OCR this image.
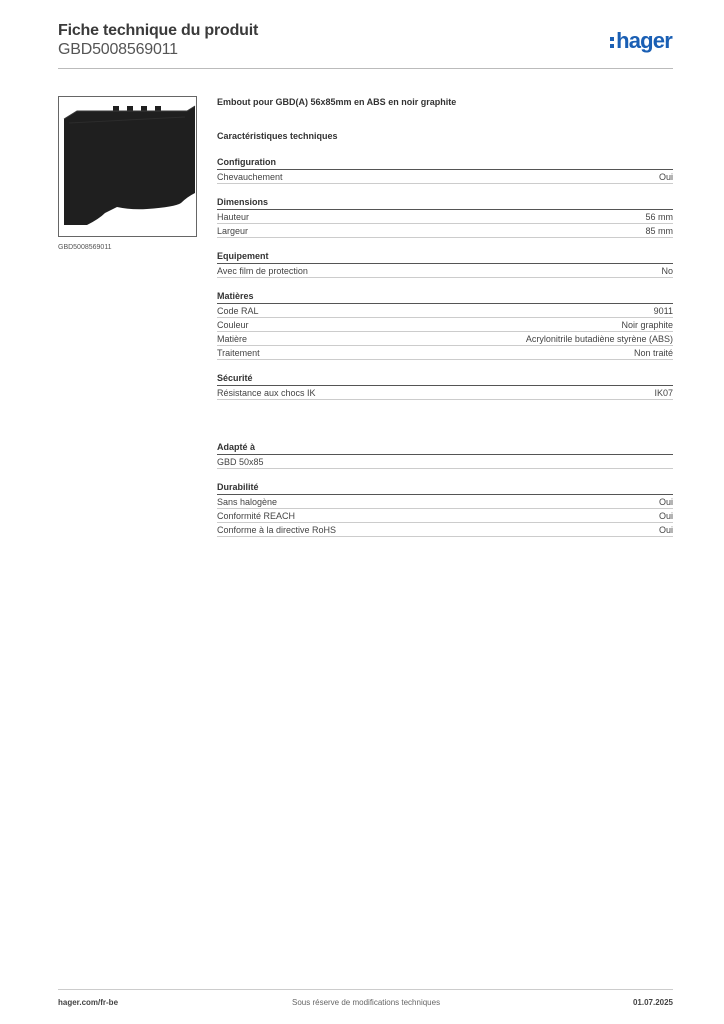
Fiche technique du produit
GBD5008569011	hager
GBD5008569011
Embout pour GBD(A) 56x85mm en ABS en noir graphite
Caractéristiques techniques
Configuration
Chevauchement	Oui
Dimensions
Hauteur	56 mm
Largeur	85 mm
Equipement
Avec film de protection	No
Matières
Code RAL	9011
Couleur	Noir graphite
Matière	Acrylonitrile butadiène styrène (ABS)
Traitement	Non traité
Sécurité
Résistance aux chocs IK	IK07
Adapté à
GBD 50x85
Durabilité
Sans halogène	Oui
Conformité REACH	Oui
Conforme à la directive RoHS	Oui
hager.com/fr-be	Sous réserve de modifications techniques	01.07.2025
